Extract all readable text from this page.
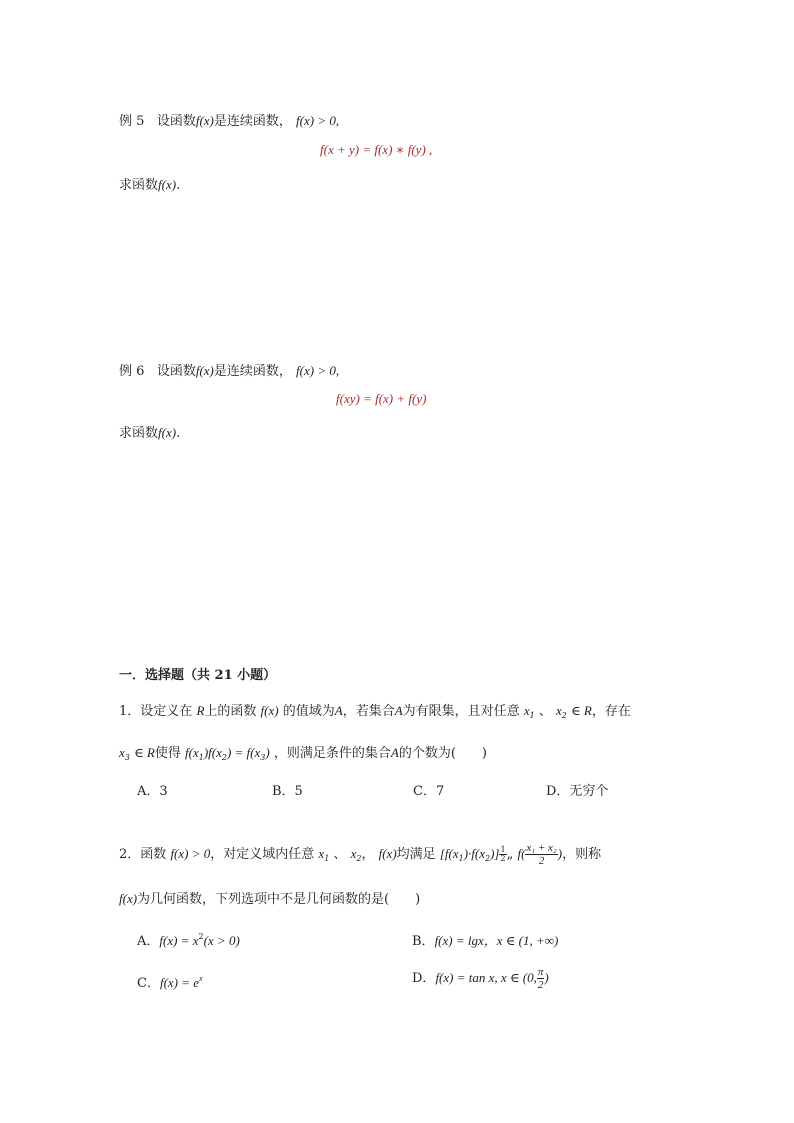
例 5 设函数f(x)是连续函数， f(x) > 0,
f(x + y) = f(x) ∗ f(y) ,
求函数f(x).
例 6 设函数f(x)是连续函数， f(x) > 0,
f(xy) = f(x) + f(y)
求函数f(x).
一．选择题（共 21 小题）
1．设定义在 R上的函数 f(x) 的值域为A，若集合A为有限集，且对任意 $x_1$ 、 $x_2$ ∈ R，存在
$x_3$ ∈ R使得 $f(x_1)f(x_2) = f(x_3)$ ，则满足条件的集合A的个数为(　　)
A．3	B．5	C．7	D．无穷个
2．函数 f(x) > 0，对定义域内任意 $x_1$ 、 $x_2$， f(x)均满足 $[f(x_1)\cdot f(x_2)] \frac{1}{2}$ „ $f( \frac{\text{x₁ + x₂}}{2}$ )，则称
f(x)为几何函数，下列选项中不是几何函数的是(　　)
A．$f(x) = x^2(x > 0)$	B．f(x) = lgx，x ∈ (1, +∞)
C．$f(x) = e^x$	D．f(x) = tan x, x ∈ (0, $\frac{\pi}{2}$ )
